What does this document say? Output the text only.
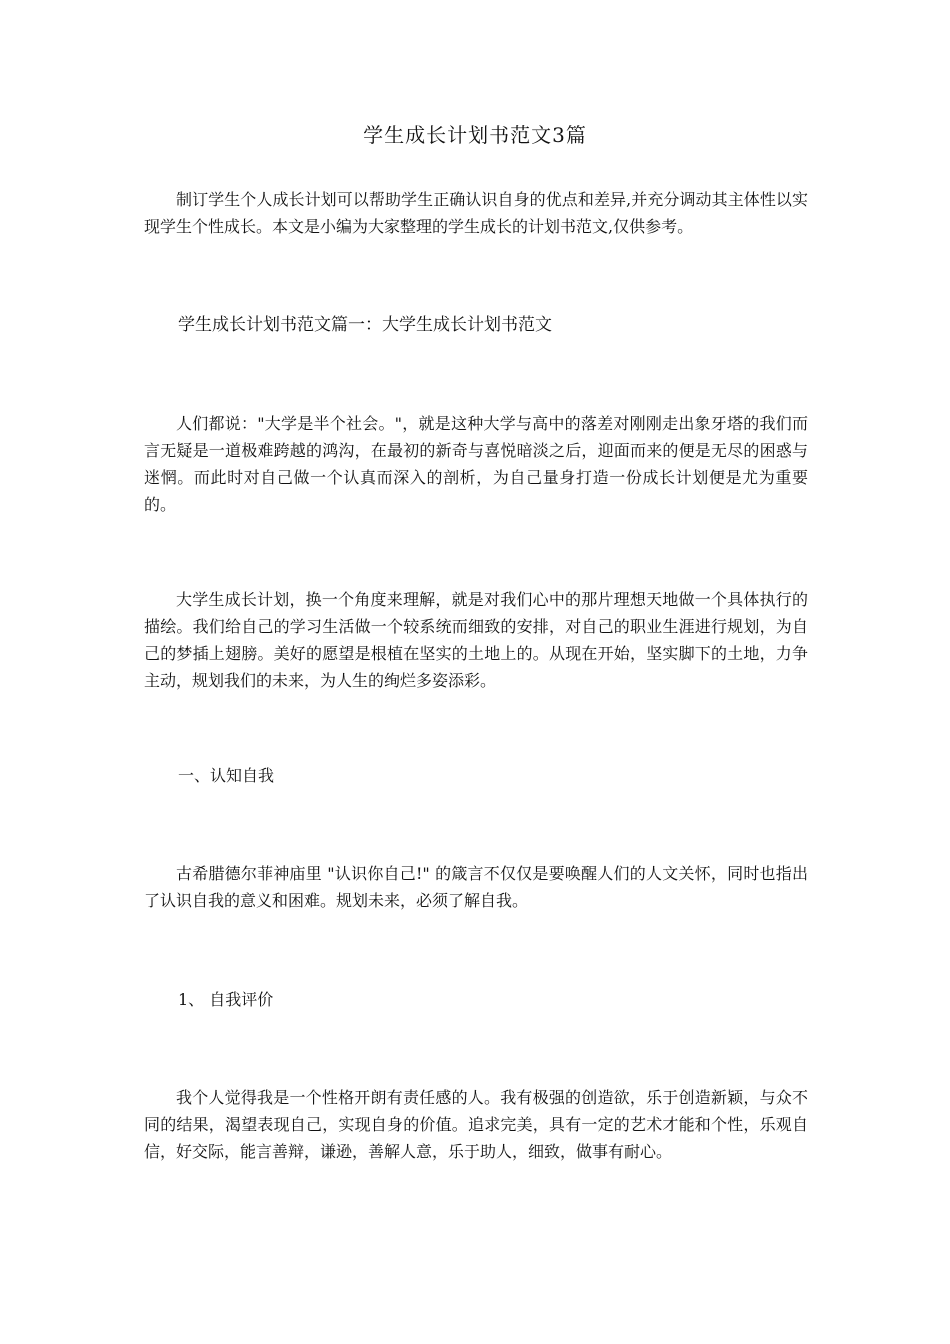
学生成长计划书范文3篇

制订学生个人成长计划可以帮助学生正确认识自身的优点和差异,并充分调动其主体性以实现学生个性成长。本文是小编为大家整理的学生成长的计划书范文,仅供参考。

学生成长计划书范文篇一：大学生成长计划书范文

人们都说："大学是半个社会。"，就是这种大学与高中的落差对刚刚走出象牙塔的我们而言无疑是一道极难跨越的鸿沟，在最初的新奇与喜悦暗淡之后，迎面而来的便是无尽的困惑与迷惘。而此时对自己做一个认真而深入的剖析，为自己量身打造一份成长计划便是尤为重要的。

大学生成长计划，换一个角度来理解，就是对我们心中的那片理想天地做一个具体执行的描绘。我们给自己的学习生活做一个较系统而细致的安排，对自己的职业生涯进行规划，为自己的梦插上翅膀。美好的愿望是根植在坚实的土地上的。从现在开始，坚实脚下的土地，力争主动，规划我们的未来，为人生的绚烂多姿添彩。

一、认知自我

古希腊德尔菲神庙里 "认识你自己!" 的箴言不仅仅是要唤醒人们的人文关怀，同时也指出了认识自我的意义和困难。规划未来，必须了解自我。

1、 自我评价

我个人觉得我是一个性格开朗有责任感的人。我有极强的创造欲，乐于创造新颖，与众不同的结果，渴望表现自己，实现自身的价值。追求完美，具有一定的艺术才能和个性，乐观自信，好交际，能言善辩，谦逊，善解人意，乐于助人，细致，做事有耐心。
